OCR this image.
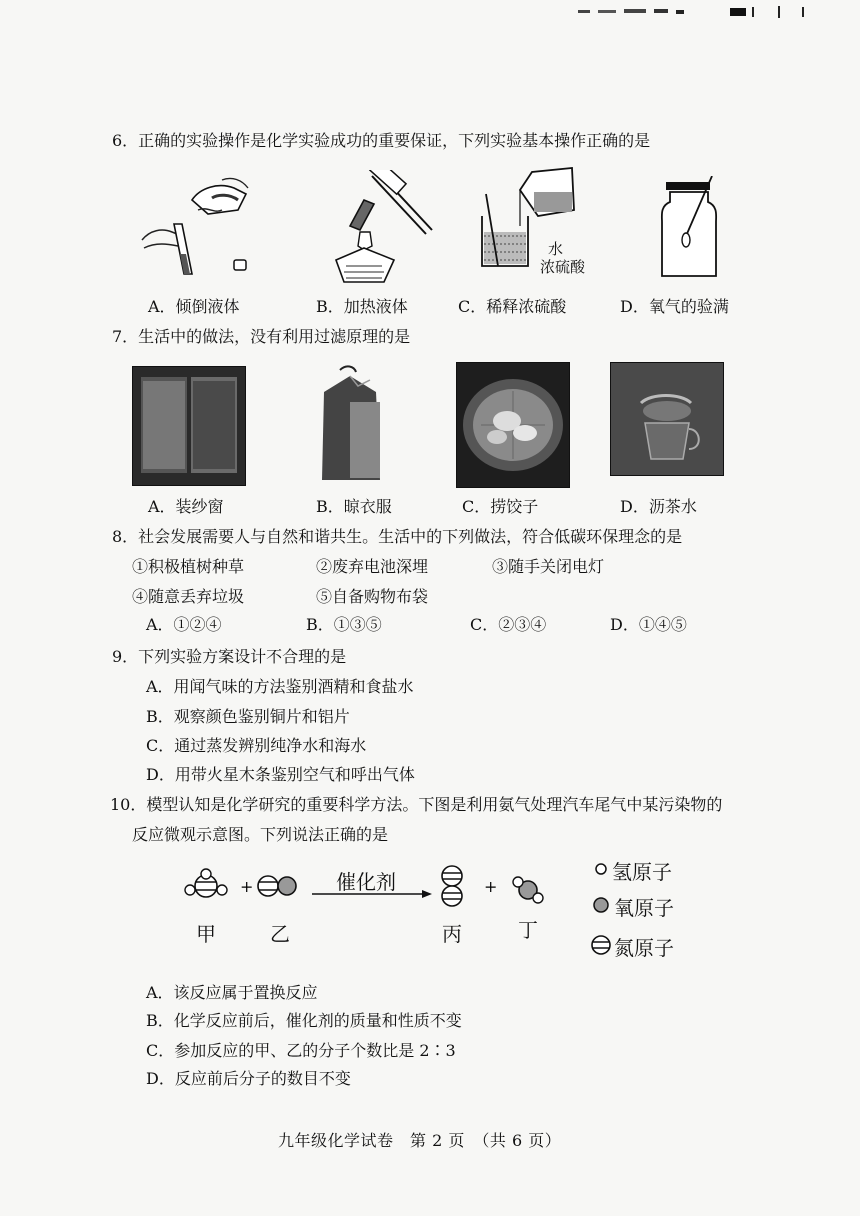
6．正确的实验操作是化学实验成功的重要保证，下列实验基本操作正确的是
水
浓硫酸
A．倾倒液体	B．加热液体	C．稀释浓硫酸	D．氧气的验满
7．生活中的做法，没有利用过滤原理的是
A．装纱窗	B．晾衣服	C．捞饺子	D．沥茶水
8．社会发展需要人与自然和谐共生。生活中的下列做法，符合低碳环保理念的是
①积极植树种草	②废弃电池深埋	③随手关闭电灯
④随意丢弃垃圾	⑤自备购物布袋
A．①②④	B．①③⑤	C．②③④	D．①④⑤
9．下列实验方案设计不合理的是
A．用闻气味的方法鉴别酒精和食盐水
B．观察颜色鉴别铜片和铝片
C．通过蒸发辨别纯净水和海水
D．用带火星木条鉴别空气和呼出气体
10．模型认知是化学研究的重要科学方法。下图是利用氨气处理汽车尾气中某污染物的
反应微观示意图。下列说法正确的是
+	+
催化剂
甲	乙	丙	丁
氢原子
氧原子
氮原子
A．该反应属于置换反应
B．化学反应前后，催化剂的质量和性质不变
C．参加反应的甲、乙的分子个数比是 2∶3
D．反应前后分子的数目不变
九年级化学试卷　第 2 页　（共 6 页）
